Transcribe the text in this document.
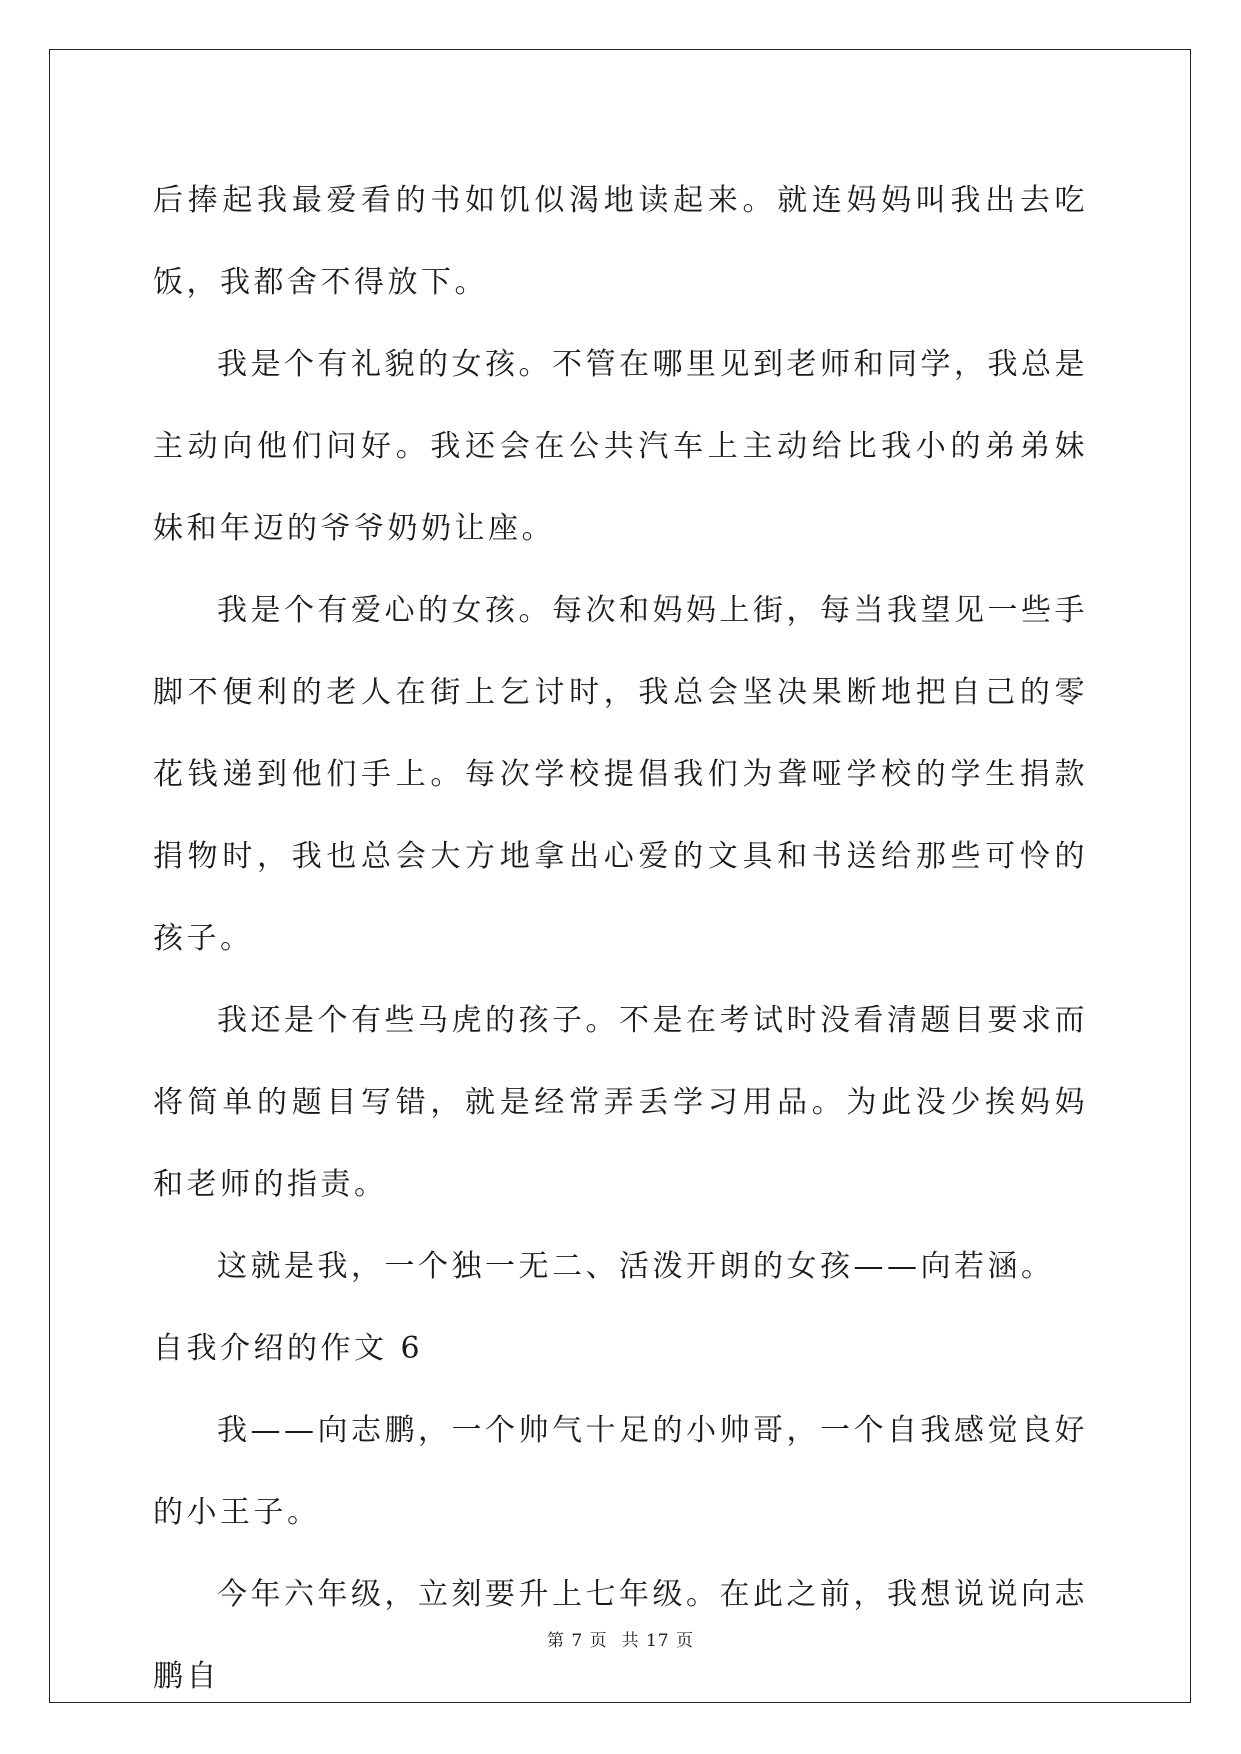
后捧起我最爱看的书如饥似渴地读起来。就连妈妈叫我出去吃饭，我都舍不得放下。

我是个有礼貌的女孩。不管在哪里见到老师和同学，我总是主动向他们问好。我还会在公共汽车上主动给比我小的弟弟妹妹和年迈的爷爷奶奶让座。

我是个有爱心的女孩。每次和妈妈上街，每当我望见一些手脚不便利的老人在街上乞讨时，我总会坚决果断地把自己的零花钱递到他们手上。每次学校提倡我们为聋哑学校的学生捐款捐物时，我也总会大方地拿出心爱的文具和书送给那些可怜的孩子。

我还是个有些马虎的孩子。不是在考试时没看清题目要求而将简单的题目写错，就是经常弄丢学习用品。为此没少挨妈妈和老师的指责。

这就是我，一个独一无二、活泼开朗的女孩——向若涵。

自我介绍的作文 6

我——向志鹏，一个帅气十足的小帅哥，一个自我感觉良好的小王子。

今年六年级，立刻要升上七年级。在此之前，我想说说向志鹏自

第 7 页 共 17 页
